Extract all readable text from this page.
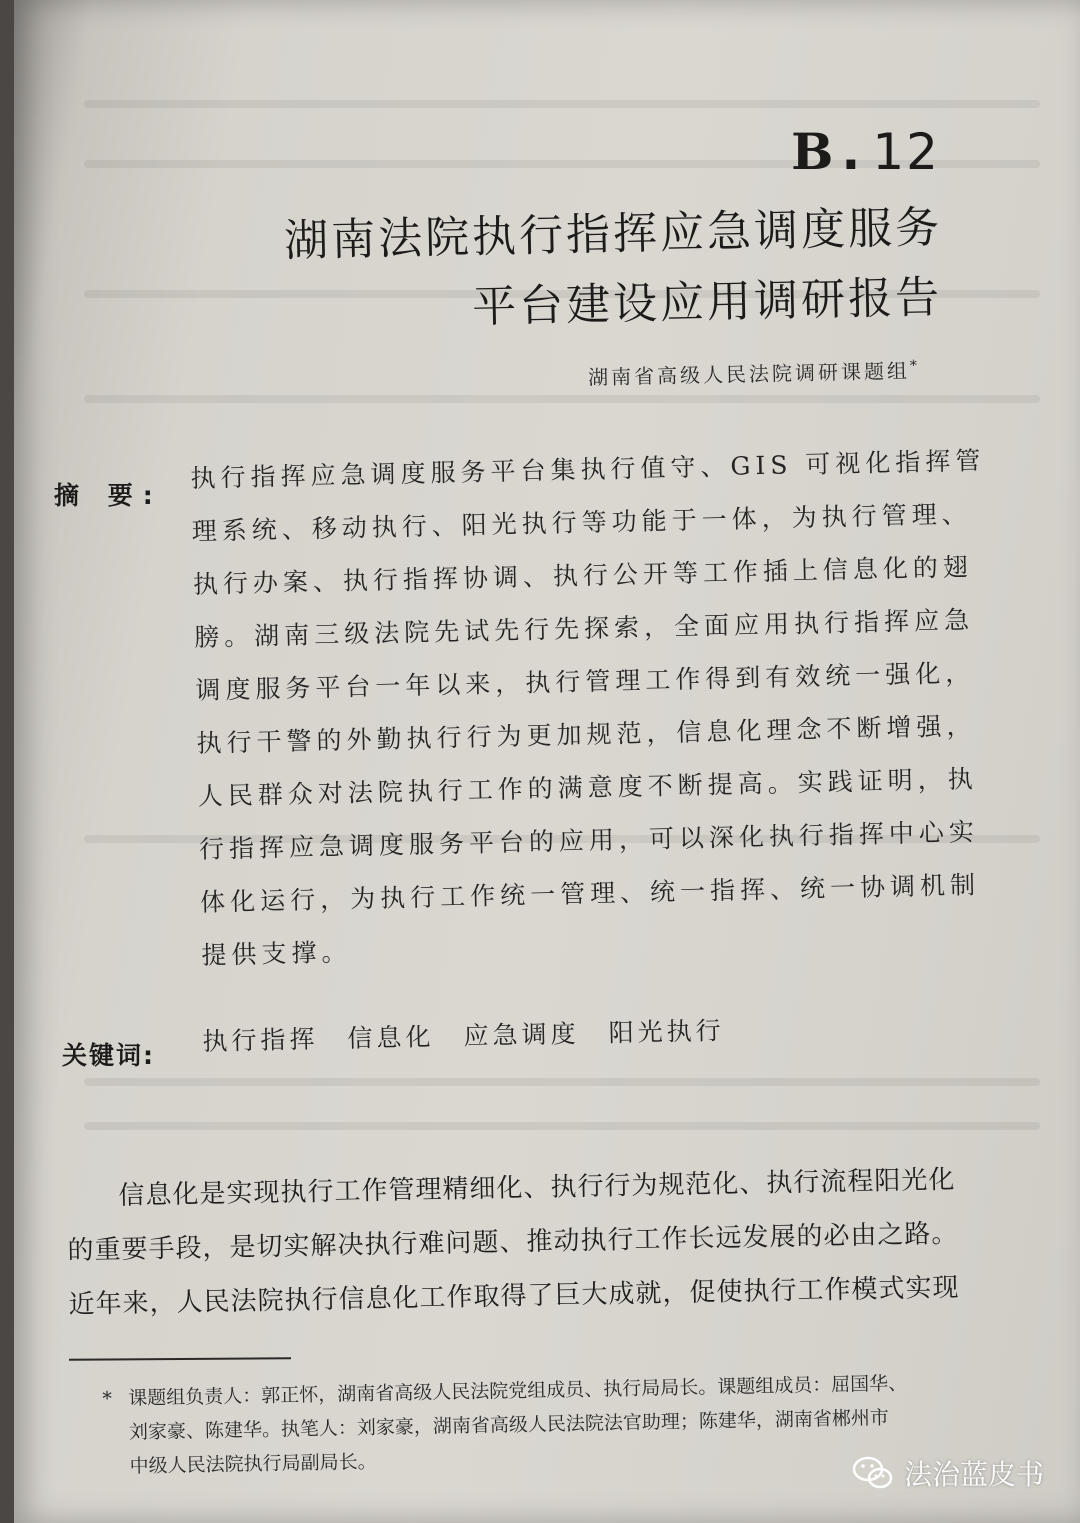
B . 12
湖南法院执行指挥应急调度服务
平台建设应用调研报告
湖南省高级人民法院调研课题组*
摘 要:
执行指挥应急调度服务平台集执行值守、GIS 可视化指挥管
理系统、移动执行、阳光执行等功能于一体，为执行管理、
执行办案、执行指挥协调、执行公开等工作插上信息化的翅
膀。湖南三级法院先试先行先探索，全面应用执行指挥应急
调度服务平台一年以来，执行管理工作得到有效统一强化，
执行干警的外勤执行行为更加规范，信息化理念不断增强，
人民群众对法院执行工作的满意度不断提高。实践证明，执
行指挥应急调度服务平台的应用，可以深化执行指挥中心实
体化运行，为执行工作统一管理、统一指挥、统一协调机制
提供支撑。
关键词: 执行指挥 信息化 应急调度 阳光执行
信息化是实现执行工作管理精细化、执行行为规范化、执行流程阳光化
的重要手段，是切实解决执行难问题、推动执行工作长远发展的必由之路。
近年来，人民法院执行信息化工作取得了巨大成就，促使执行工作模式实现
* 课题组负责人：郭正怀，湖南省高级人民法院党组成员、执行局局长。课题组成员：屈国华、
刘家豪、陈建华。执笔人：刘家豪，湖南省高级人民法院法官助理；陈建华，湖南省郴州市
中级人民法院执行局副局长。	法治蓝皮书
